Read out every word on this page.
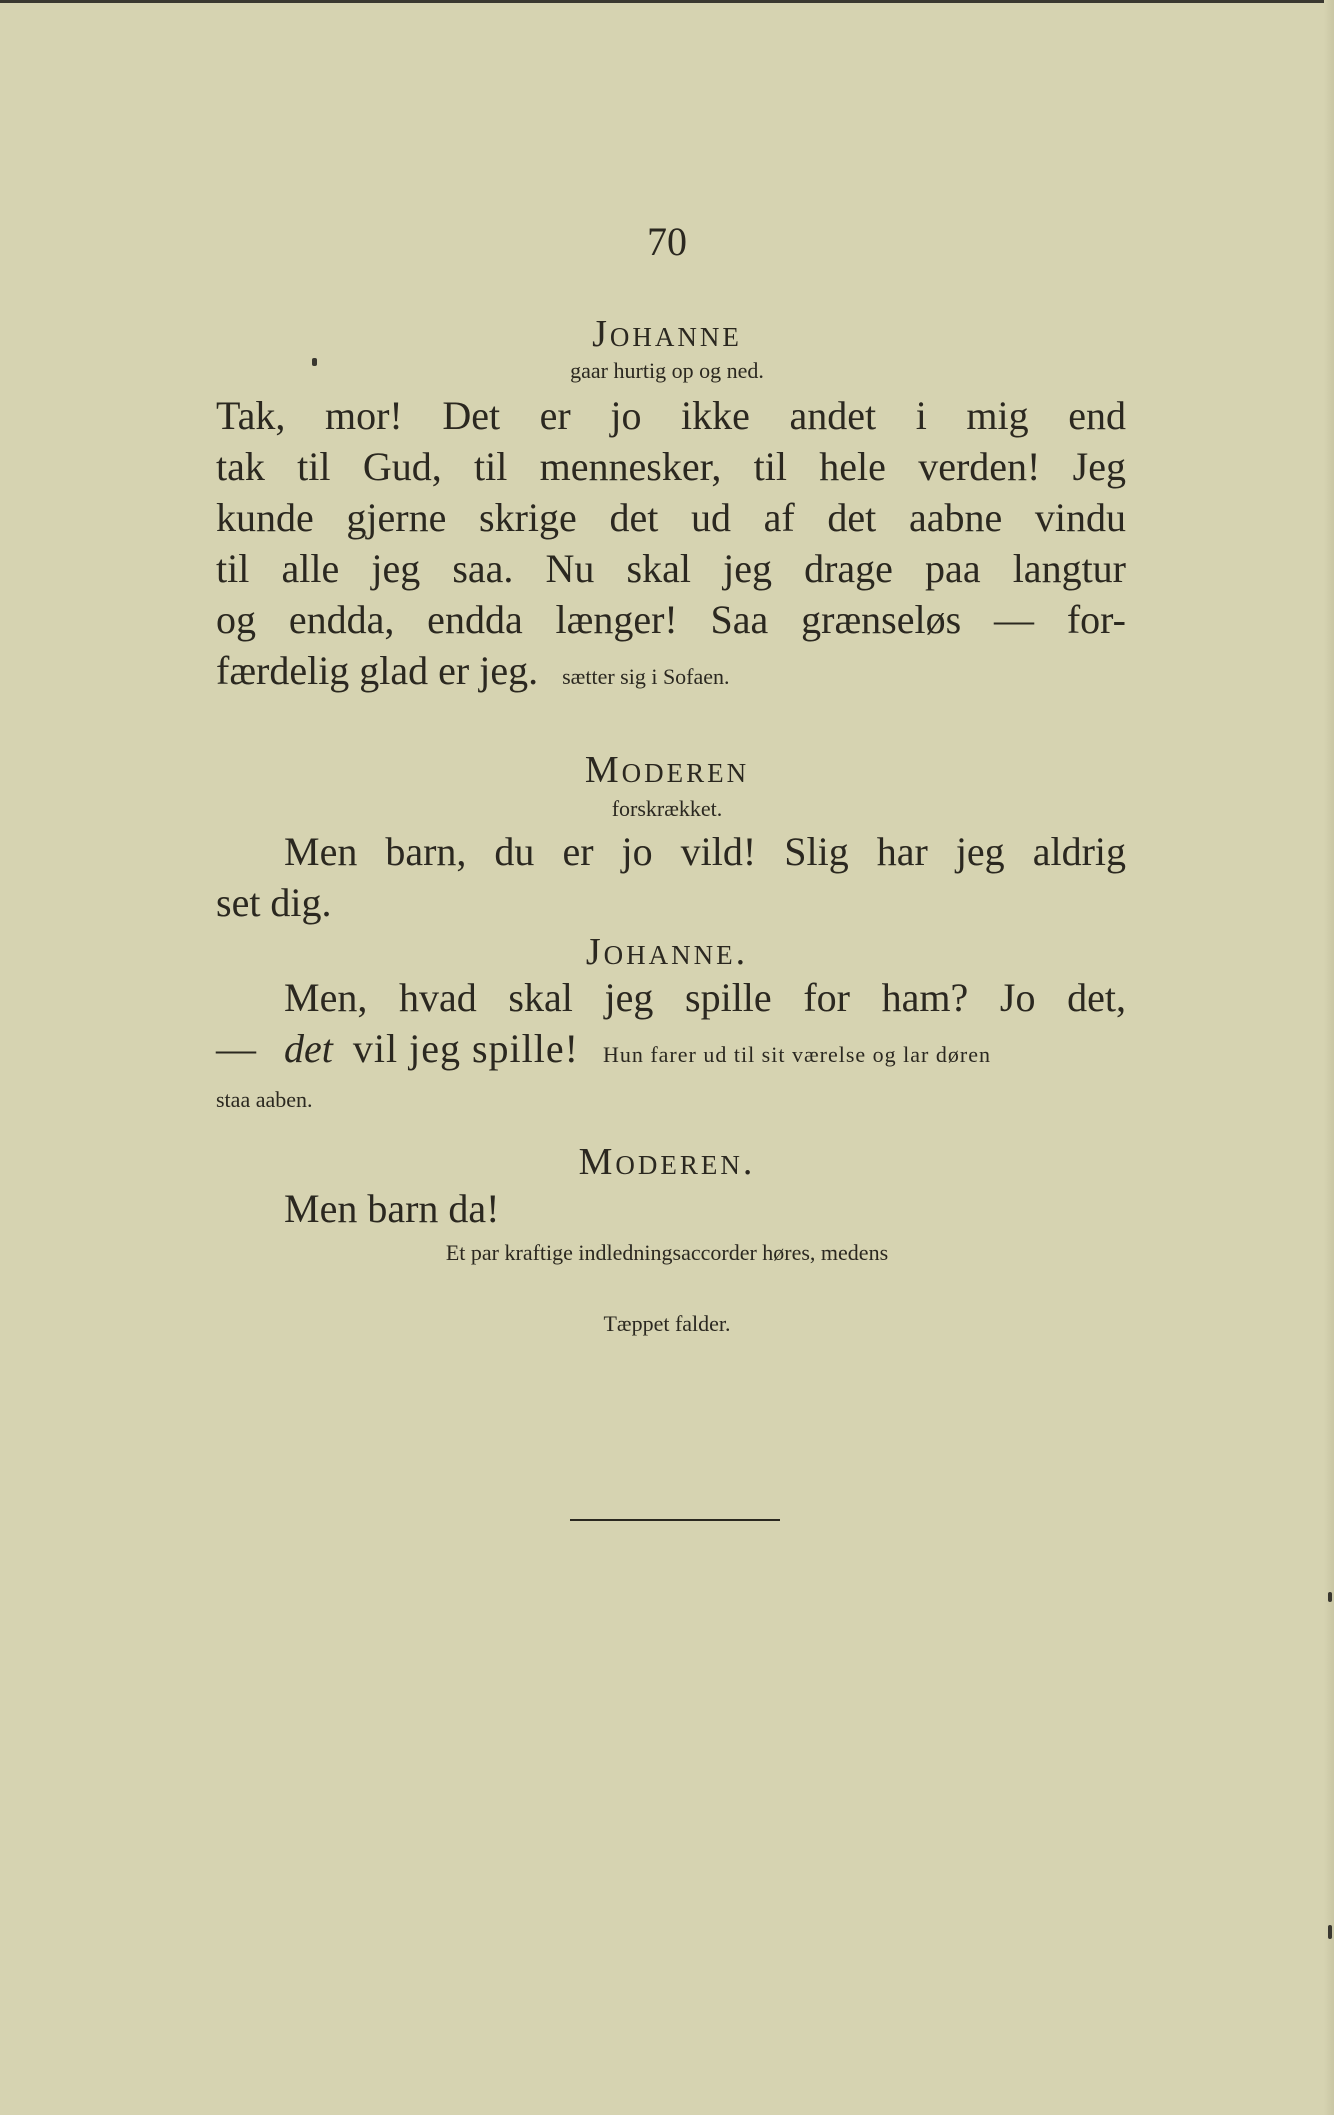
70
Johanne
gaar hurtig op og ned.
Tak, mor! Det er jo ikke andet i mig end
tak til Gud, til mennesker, til hele verden! Jeg
kunde gjerne skrige det ud af det aabne vindu
til alle jeg saa. Nu skal jeg drage paa langtur
og endda, endda længer! Saa grænseløs — for-
færdelig glad er jeg. sætter sig i Sofaen.
Moderen
forskrækket.
Men barn, du er jo vild! Slig har jeg aldrig
set dig.
Johanne.
Men, hvad skal jeg spille for ham? Jo det,
— det vil jeg spille! Hun farer ud til sit værelse og lar døren
staa aaben.
Moderen.
Men barn da!
Et par kraftige indledningsaccorder høres, medens
Tæppet falder.
